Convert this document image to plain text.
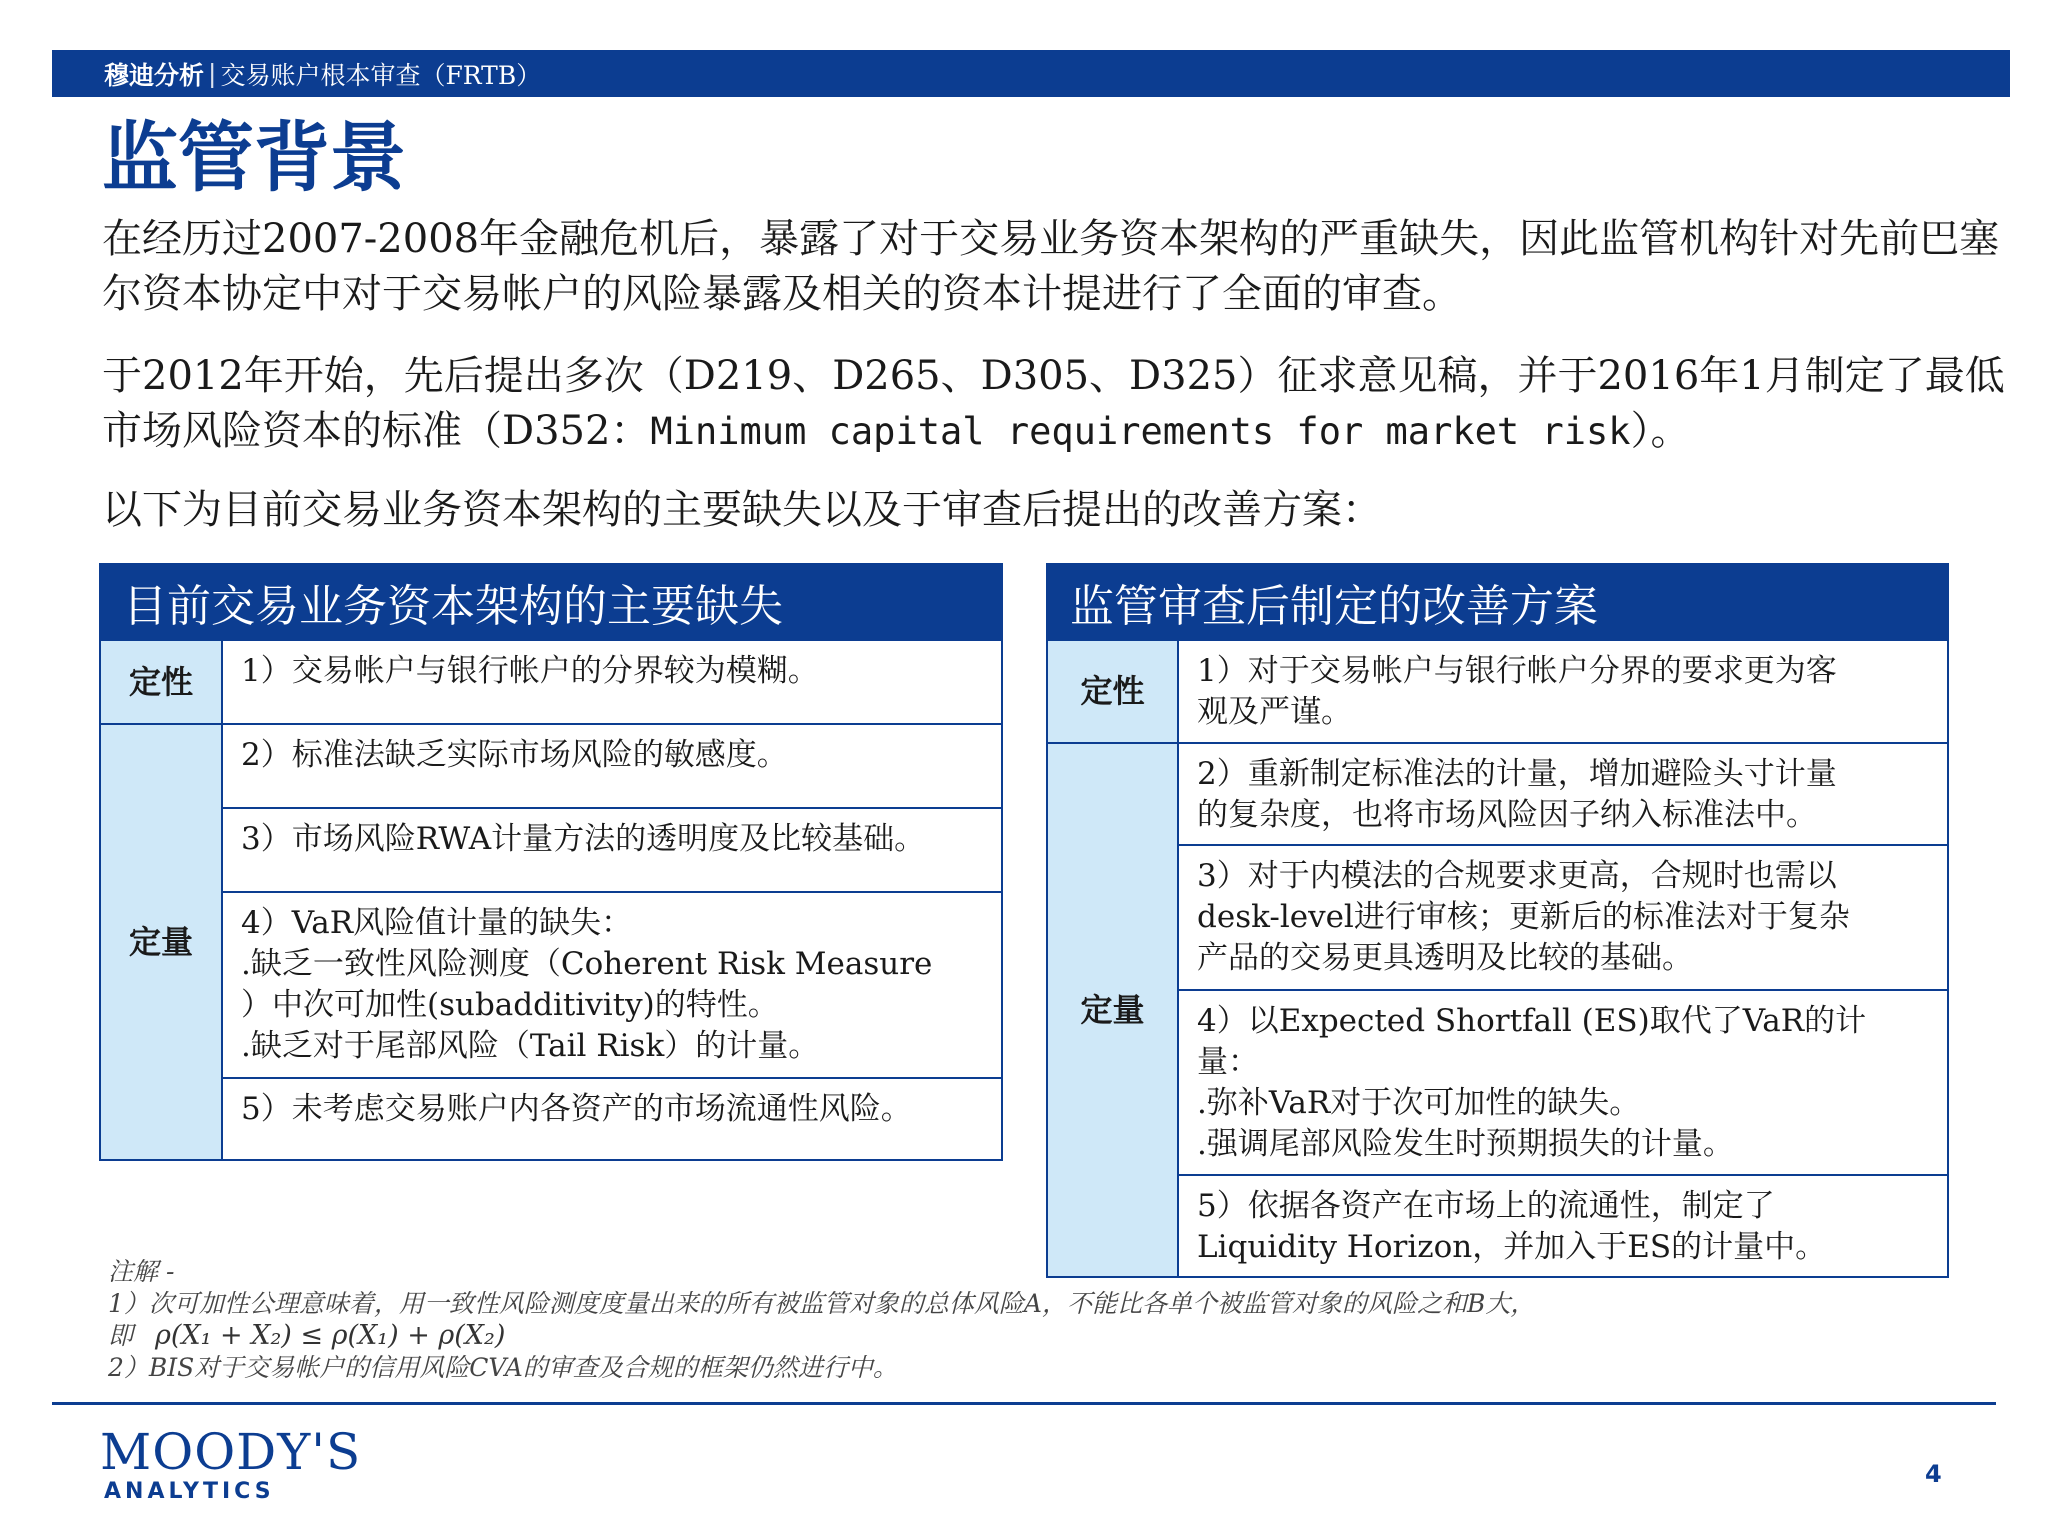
穆迪分析 | 交易账户根本审查（FRTB）
监管背景

在经历过2007-2008年金融危机后，暴露了对于交易业务资本架构的严重缺失，因此监管机构针对先前巴塞尔资本协定中对于交易帐户的风险暴露及相关的资本计提进行了全面的审查。

于2012年开始，先后提出多次（D219、D265、D305、D325）征求意见稿，并于2016年1月制定了最低市场风险资本的标准（D352：Minimum capital requirements for market risk）。

以下为目前交易业务资本架构的主要缺失以及于审查后提出的改善方案：

目前交易业务资本架构的主要缺失	
定性	1）交易帐户与银行帐户的分界较为模糊。

定量	2）标准法缺乏实际市场风险的敏感度。

	3）市场风险RWA计量方法的透明度及比较基础。

	4）VaR风险值计量的缺失：
.缺乏一致性风险测度（Coherent Risk Measure
）中次可加性(subadditivity)的特性。
.缺乏对于尾部风险（Tail Risk）的计量。

	5）未考虑交易账户内各资产的市场流通性风险。
监管审查后制定的改善方案	
定性	1）对于交易帐户与银行帐户分界的要求更为客
观及严谨。

定量	2）重新制定标准法的计量，增加避险头寸计量
的复杂度，也将市场风险因子纳入标准法中。

	3）对于内模法的合规要求更高，合规时也需以
desk-level进行审核；更新后的标准法对于复杂
产品的交易更具透明及比较的基础。

	4）以Expected Shortfall (ES)取代了VaR的计
量：
.弥补VaR对于次可加性的缺失。
.强调尾部风险发生时预期损失的计量。

	5）依据各资产在市场上的流通性，制定了
Liquidity Horizon，并加入于ES的计量中。
注解 -
1）次可加性公理意味着，用一致性风险测度度量出来的所有被监管对象的总体风险A，不能比各单个被监管对象的风险之和B大，
即 ρ(X₁ + X₂) ≤ ρ(X₁) + ρ(X₂)
2）BIS对于交易帐户的信用风险CVA的审查及合规的框架仍然进行中。
MOODY'S
ANALYTICS
4
